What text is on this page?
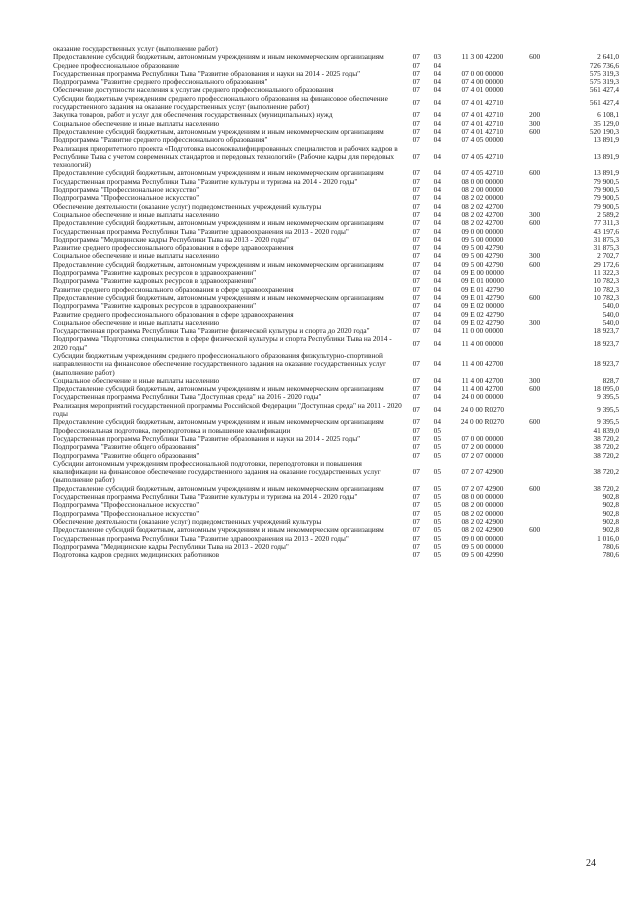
оказание государственных услуг (выполнение работ)					
Предоставление субсидий бюджетным, автономным учреждениям и иным некоммерческим организациям	07	03	11 3 00 42200	600	2 641,0
Среднее профессиональное образование	07	04			726 736,6
Государственная программа Республики Тыва "Развитие образования и науки на 2014 - 2025 годы"	07	04	07 0 00 00000		575 319,3
Подпрограмма "Развитие среднего профессионального образования"	07	04	07 4 00 00000		575 319,3
Обеспечение доступности населения к услугам среднего профессионального образования	07	04	07 4 01 00000		561 427,4
Субсидии бюджетным учреждениям среднего профессионального образования на финансовое обеспечение государственного задания на оказание государственных услуг (выполнение работ)	07	04	07 4 01 42710		561 427,4
Закупка товаров, работ и услуг для обеспечения государственных (муниципальных) нужд	07	04	07 4 01 42710	200	6 108,1
Социальное обеспечение и иные выплаты населению	07	04	07 4 01 42710	300	35 129,0
Предоставление субсидий бюджетным, автономным учреждениям и иным некоммерческим организациям	07	04	07 4 01 42710	600	520 190,3
Подпрограмма "Развитие среднего профессионального образования"	07	04	07 4 05 00000		13 891,9
Реализация приоритетного проекта «Подготовка высококвалифицированных специалистов и рабочих кадров в Республике Тыва с учетом современных стандартов и передовых технологий» (Рабочие кадры для передовых технологий)	07	04	07 4 05 42710		13 891,9
Предоставление субсидий бюджетным, автономным учреждениям и иным некоммерческим организациям	07	04	07 4 05 42710	600	13 891,9
Государственная программа Республики Тыва "Развитие культуры и туризма на 2014 - 2020 годы"	07	04	08 0 00 00000		79 900,5
Подпрограмма "Профессиональное искусство"	07	04	08 2 00 00000		79 900,5
Подпрограмма "Профессиональное искусство"	07	04	08 2 02 00000		79 900,5
Обеспечение деятельности (оказание услуг) подведомственных учреждений культуры	07	04	08 2 02 42700		79 900,5
Социальное обеспечение и иные выплаты населению	07	04	08 2 02 42700	300	2 589,2
Предоставление субсидий бюджетным, автономным учреждениям и иным некоммерческим организациям	07	04	08 2 02 42700	600	77 311,3
Государственная программа Республики Тыва "Развитие здравоохранения на 2013 - 2020 годы"	07	04	09 0 00 00000		43 197,6
Подпрограмма "Медицинские кадры Республики Тыва на 2013 - 2020 годы"	07	04	09 5 00 00000		31 875,3
Развитие среднего профессионального образования в сфере здравоохранения	07	04	09 5 00 42790		31 875,3
Социальное обеспечение и иные выплаты населению	07	04	09 5 00 42790	300	2 702,7
Предоставление субсидий бюджетным, автономным учреждениям и иным некоммерческим организациям	07	04	09 5 00 42790	600	29 172,6
Подпрограмма "Развитие кадровых ресурсов в здравоохранении"	07	04	09 Е 00 00000		11 322,3
Подпрограмма "Развитие кадровых ресурсов в здравоохранении"	07	04	09 Е 01 00000		10 782,3
Развитие среднего профессионального образования в сфере здравоохранения	07	04	09 Е 01 42790		10 782,3
Предоставление субсидий бюджетным, автономным учреждениям и иным некоммерческим организациям	07	04	09 Е 01 42790	600	10 782,3
Подпрограмма "Развитие кадровых ресурсов в здравоохранении"	07	04	09 Е 02 00000		540,0
Развитие среднего профессионального образования в сфере здравоохранения	07	04	09 Е 02 42790		540,0
Социальное обеспечение и иные выплаты населению	07	04	09 Е 02 42790	300	540,0
Государственная программа Республики Тыва "Развитие физической культуры и спорта до 2020 года"	07	04	11 0 00 00000		18 923,7
Подпрограмма "Подготовка специалистов в сфере физической культуры и спорта Республики Тыва на 2014 - 2020 годы"	07	04	11 4 00 00000		18 923,7
Субсидии бюджетным учреждениям среднего профессионального образования физкультурно-спортивной направленности на финансовое обеспечение государственного задания на оказание государственных услуг (выполнение работ)	07	04	11 4 00 42700		18 923,7
Социальное обеспечение и иные выплаты населению	07	04	11 4 00 42700	300	828,7
Предоставление субсидий бюджетным, автономным учреждениям и иным некоммерческим организациям	07	04	11 4 00 42700	600	18 095,0
Государственная программа Республики Тыва "Доступная среда" на 2016 - 2020 годы"	07	04	24 0 00 00000		9 395,5
Реализация мероприятий государственной программы Российской Федерации "Доступная среда" на 2011 - 2020 годы	07	04	24 0 00 R0270		9 395,5
Предоставление субсидий бюджетным, автономным учреждениям и иным некоммерческим организациям	07	04	24 0 00 R0270	600	9 395,5
Профессиональная подготовка, переподготовка и повышение квалификации	07	05			41 839,0
Государственная программа Республики Тыва "Развитие образования и науки на 2014 - 2025 годы"	07	05	07 0 00 00000		38 720,2
Подпрограмма "Развитие общего образования"	07	05	07 2 00 00000		38 720,2
Подпрограмма "Развитие общего образования"	07	05	07 2 07 00000		38 720,2
Субсидии автономным учреждениям профессиональной подготовки, переподготовки и повышения квалификации на финансовое обеспечение государственного задания на оказание государственных услуг (выполнение работ)	07	05	07 2 07 42900		38 720,2
Предоставление субсидий бюджетным, автономным учреждениям и иным некоммерческим организациям	07	05	07 2 07 42900	600	38 720,2
Государственная программа Республики Тыва "Развитие культуры и туризма на 2014 - 2020 годы"	07	05	08 0 00 00000		902,8
Подпрограмма "Профессиональное искусство"	07	05	08 2 00 00000		902,8
Подпрограмма "Профессиональное искусство"	07	05	08 2 02 00000		902,8
Обеспечение деятельности (оказание услуг) подведомственных учреждений культуры	07	05	08 2 02 42900		902,8
Предоставление субсидий бюджетным, автономным учреждениям и иным некоммерческим организациям	07	05	08 2 02 42900	600	902,8
Государственная программа Республики Тыва "Развитие здравоохранения на 2013 - 2020 годы"	07	05	09 0 00 00000		1 016,0
Подпрограмма "Медицинские кадры Республики Тыва на 2013 - 2020 годы"	07	05	09 5 00 00000		780,6
Подготовка кадров средних медицинских работников	07	05	09 5 00 42990		780,6
24
